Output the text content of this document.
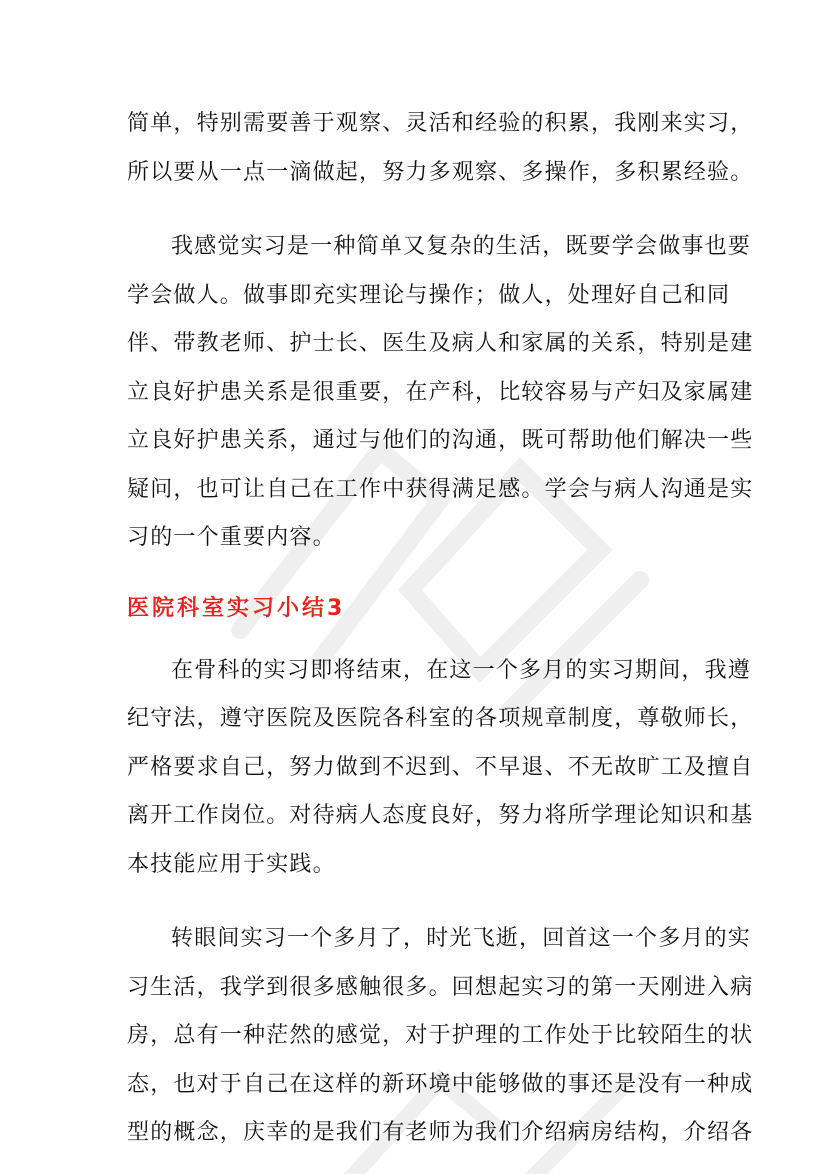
简单，特别需要善于观察、灵活和经验的积累，我刚来实习，
所以要从一点一滴做起，努力多观察、多操作，多积累经验。

我感觉实习是一种简单又复杂的生活，既要学会做事也要
学会做人。做事即充实理论与操作；做人，处理好自己和同
伴、带教老师、护士长、医生及病人和家属的关系，特别是建
立良好护患关系是很重要，在产科，比较容易与产妇及家属建
立良好护患关系，通过与他们的沟通，既可帮助他们解决一些
疑问，也可让自己在工作中获得满足感。学会与病人沟通是实
习的一个重要内容。

医院科室实习小结3

在骨科的实习即将结束，在这一个多月的实习期间，我遵
纪守法，遵守医院及医院各科室的各项规章制度，尊敬师长，
严格要求自己，努力做到不迟到、不早退、不无故旷工及擅自
离开工作岗位。对待病人态度良好，努力将所学理论知识和基
本技能应用于实践。

转眼间实习一个多月了，时光飞逝，回首这一个多月的实
习生活，我学到很多感触很多。回想起实习的第一天刚进入病
房，总有一种茫然的感觉，对于护理的工作处于比较陌生的状
态，也对于自己在这样的新环境中能够做的事还是没有一种成
型的概念，庆幸的是我们有老师为我们介绍病房结构，介绍各
